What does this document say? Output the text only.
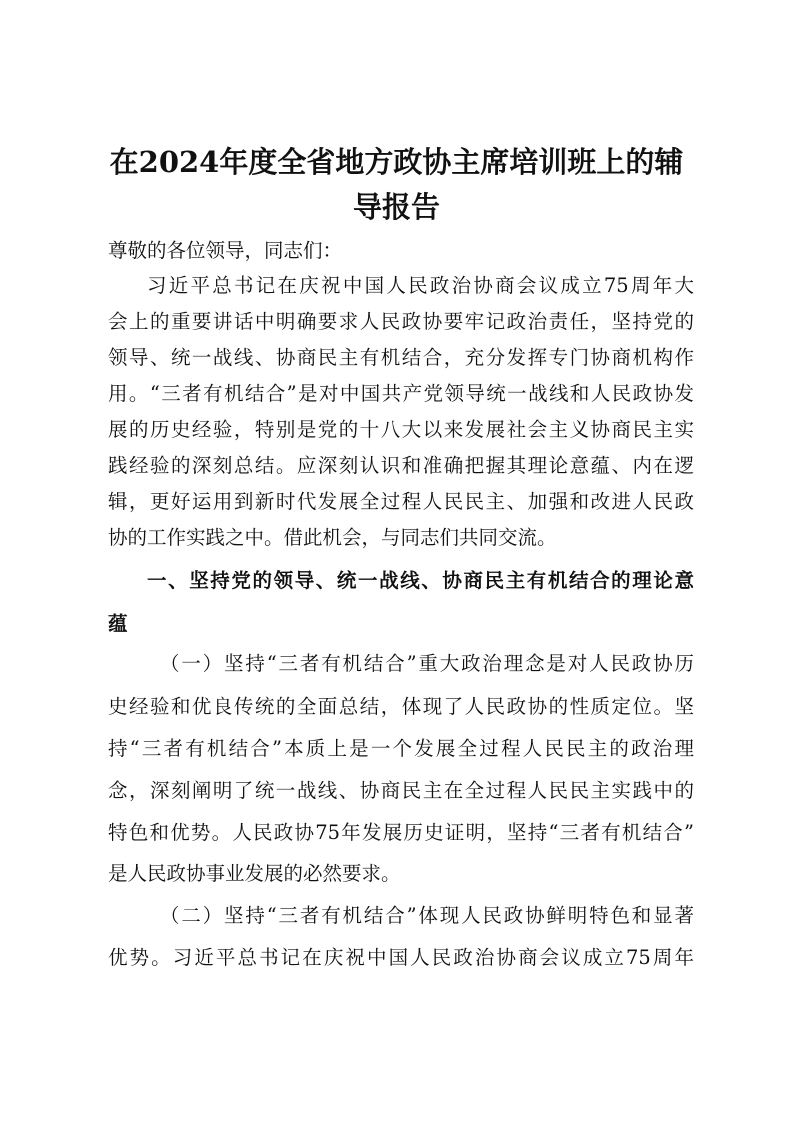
在2024年度全省地方政协主席培训班上的辅
导报告
尊敬的各位领导，同志们：
习近平总书记在庆祝中国人民政治协商会议成立75周年大
会上的重要讲话中明确要求人民政协要牢记政治责任，坚持党的
领导、统一战线、协商民主有机结合，充分发挥专门协商机构作
用。“三者有机结合”是对中国共产党领导统一战线和人民政协发
展的历史经验，特别是党的十八大以来发展社会主义协商民主实
践经验的深刻总结。应深刻认识和准确把握其理论意蕴、内在逻
辑，更好运用到新时代发展全过程人民民主、加强和改进人民政
协的工作实践之中。借此机会，与同志们共同交流。
一、坚持党的领导、统一战线、协商民主有机结合的理论意
蕴
（一）坚持“三者有机结合”重大政治理念是对人民政协历
史经验和优良传统的全面总结，体现了人民政协的性质定位。坚
持“三者有机结合”本质上是一个发展全过程人民民主的政治理
念，深刻阐明了统一战线、协商民主在全过程人民民主实践中的
特色和优势。人民政协75年发展历史证明，坚持“三者有机结合”
是人民政协事业发展的必然要求。
（二）坚持“三者有机结合”体现人民政协鲜明特色和显著
优势。习近平总书记在庆祝中国人民政治协商会议成立75周年
